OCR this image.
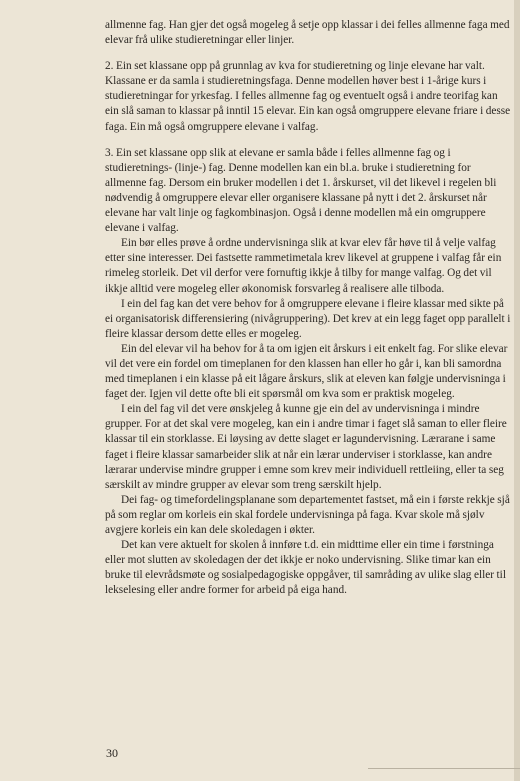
allmenne fag. Han gjer det også mogeleg å setje opp klassar i dei felles allmenne faga med elevar frå ulike studieretningar eller linjer.

2. Ein set klassane opp på grunnlag av kva for studieretning og linje elevane har valt. Klassane er da samla i studieretningsfaga. Denne modellen høver best i 1-årige kurs i studieretningar for yrkesfag. I felles allmenne fag og eventuelt også i andre teorifag kan ein slå saman to klassar på inntil 15 elevar. Ein kan også omgruppere elevane friare i desse faga. Ein må også omgruppere elevane i valfag.

3. Ein set klassane opp slik at elevane er samla både i felles allmenne fag og i studieretnings- (linje-) fag. Denne modellen kan ein bl.a. bruke i studieretning for allmenne fag. Dersom ein bruker modellen i det 1. årskurset, vil det likevel i regelen bli nødvendig å omgruppere elevar eller organisere klassane på nytt i det 2. årskurset når elevane har valt linje og fagkombinasjon. Også i denne modellen må ein omgruppere elevane i valfag.

Ein bør elles prøve å ordne undervisninga slik at kvar elev får høve til å velje valfag etter sine interesser. Dei fastsette rammetimetala krev likevel at gruppene i valfag får ein rimeleg storleik. Det vil derfor vere fornuftig ikkje å tilby for mange valfag. Og det vil ikkje alltid vere mogeleg eller økonomisk forsvarleg å realisere alle tilboda.

I ein del fag kan det vere behov for å omgruppere elevane i fleire klassar med sikte på ei organisatorisk differensiering (nivågruppering). Det krev at ein legg faget opp parallelt i fleire klassar dersom dette elles er mogeleg.

Ein del elevar vil ha behov for å ta om igjen eit årskurs i eit enkelt fag. For slike elevar vil det vere ein fordel om timeplanen for den klassen han eller ho går i, kan bli samordna med timeplanen i ein klasse på eit lågare årskurs, slik at eleven kan følgje undervisninga i faget der. Igjen vil dette ofte bli eit spørsmål om kva som er praktisk mogeleg.

I ein del fag vil det vere ønskjeleg å kunne gje ein del av undervisninga i mindre grupper. For at det skal vere mogeleg, kan ein i andre timar i faget slå saman to eller fleire klassar til ein storklasse. Ei løysing av dette slaget er lagundervisning. Lærarane i same faget i fleire klassar samarbeider slik at når ein lærar underviser i storklasse, kan andre lærarar undervise mindre grupper i emne som krev meir individuell rettleiing, eller ta seg særskilt av mindre grupper av elevar som treng særskilt hjelp.

Dei fag- og timefordelingsplanane som departementet fastset, må ein i første rekkje sjå på som reglar om korleis ein skal fordele undervisninga på faga. Kvar skole må sjølv avgjere korleis ein kan dele skoledagen i økter.

Det kan vere aktuelt for skolen å innføre t.d. ein midttime eller ein time i førstninga eller mot slutten av skoledagen der det ikkje er noko undervisning. Slike timar kan ein bruke til elevrådsmøte og sosialpedagogiske oppgåver, til samråding av ulike slag eller til lekselesing eller andre former for arbeid på eiga hand.

30
